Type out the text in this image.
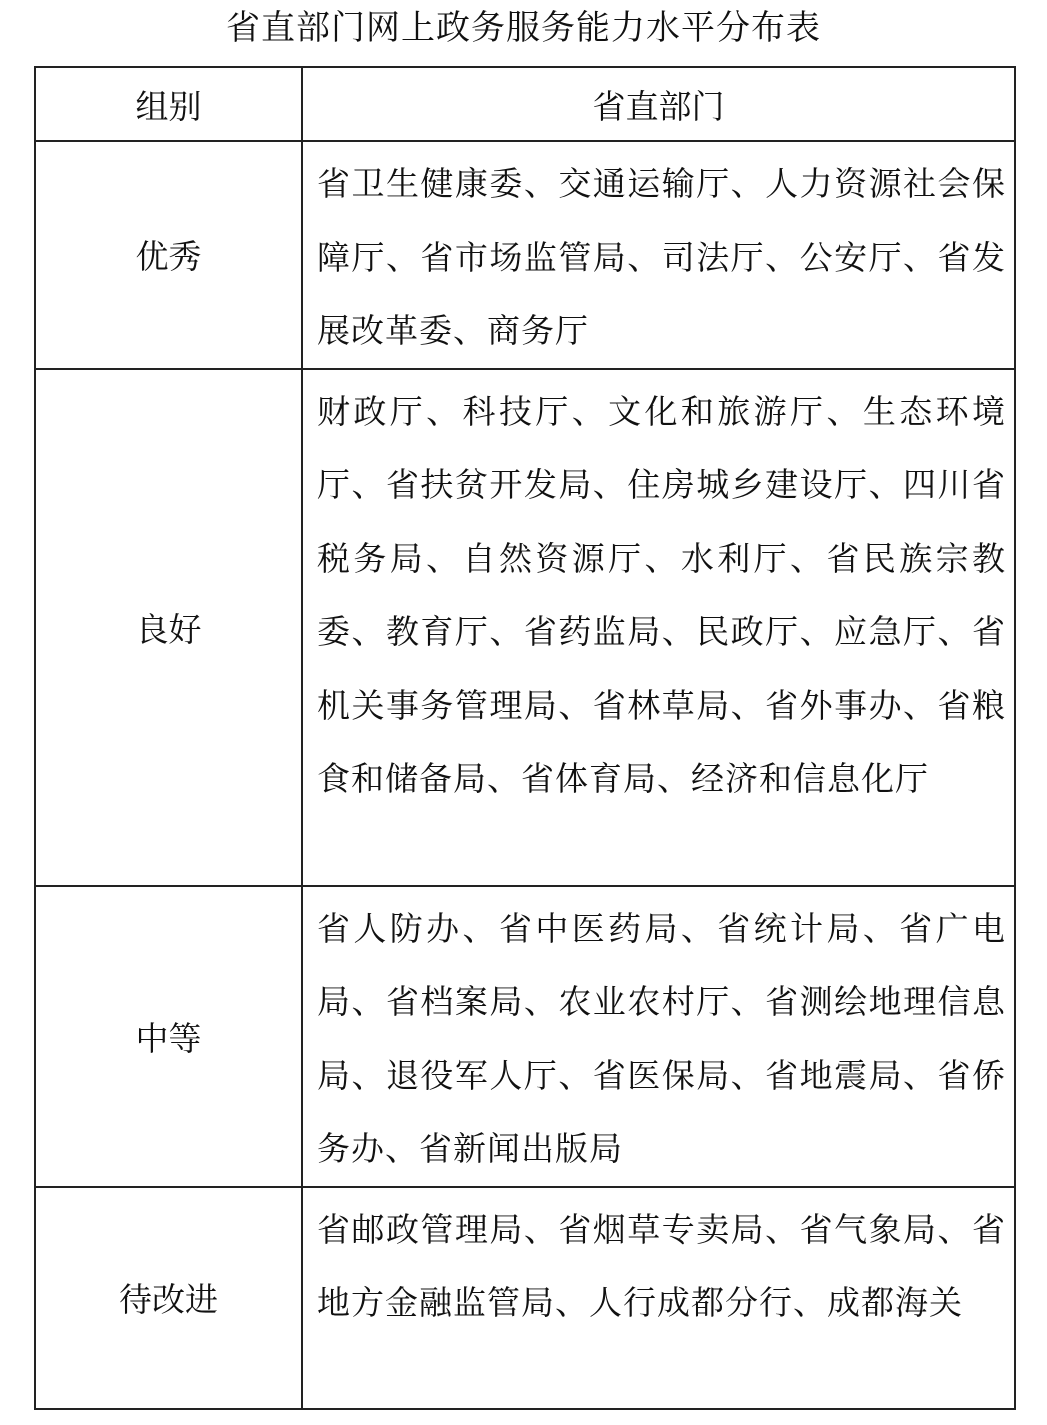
省直部门网上政务服务能力水平分布表
组别	省直部门
优秀	省卫生健康委、交通运输厅、人力资源社会保障厅、省市场监管局、司法厅、公安厅、省发展改革委、商务厅
良好	财政厅、科技厅、文化和旅游厅、生态环境厅、省扶贫开发局、住房城乡建设厅、四川省税务局、自然资源厅、水利厅、省民族宗教委、教育厅、省药监局、民政厅、应急厅、省机关事务管理局、省林草局、省外事办、省粮食和储备局、省体育局、经济和信息化厅
中等	省人防办、省中医药局、省统计局、省广电局、省档案局、农业农村厅、省测绘地理信息局、退役军人厅、省医保局、省地震局、省侨务办、省新闻出版局
待改进	省邮政管理局、省烟草专卖局、省气象局、省地方金融监管局、人行成都分行、成都海关
